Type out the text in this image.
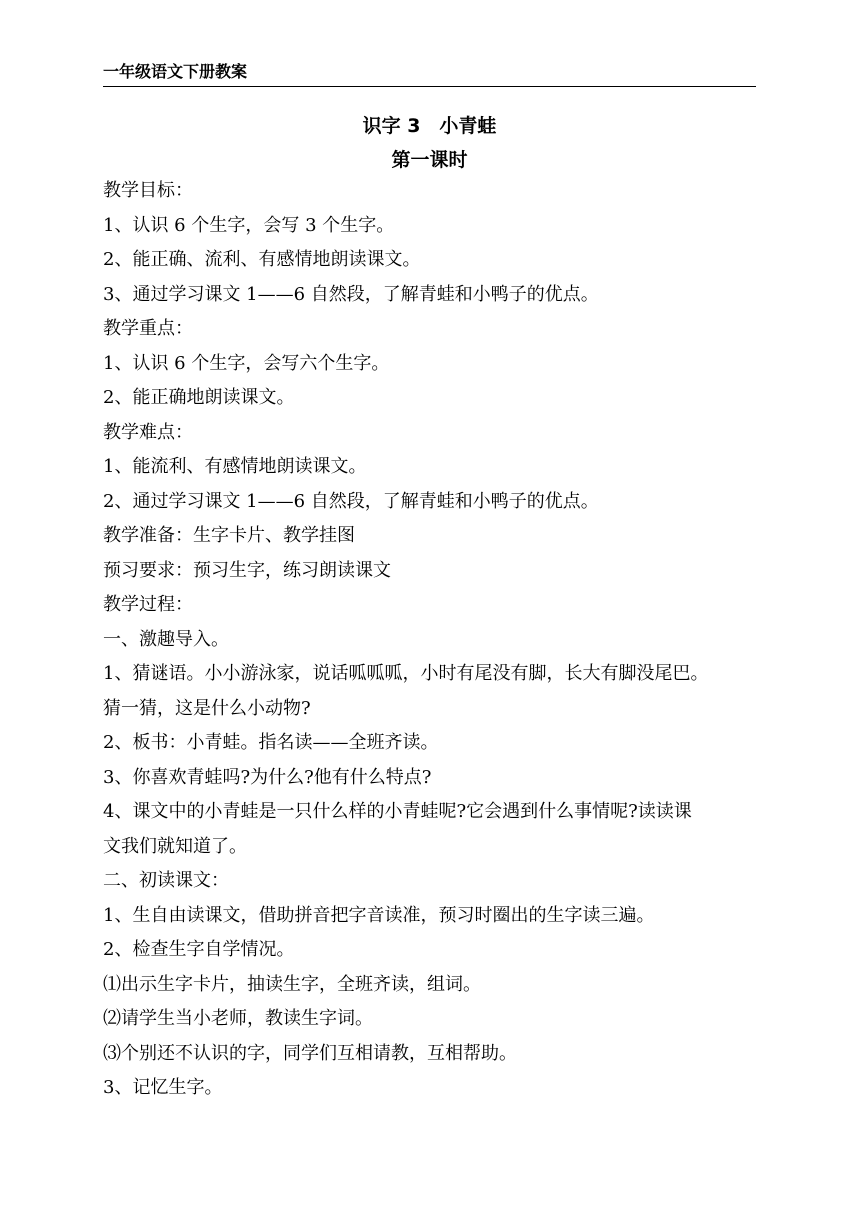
一年级语文下册教案
识字 3　小青蛙
第一课时
教学目标：
1、认识 6 个生字，会写 3 个生字。
2、能正确、流利、有感情地朗读课文。
3、通过学习课文 1——6 自然段，了解青蛙和小鸭子的优点。
教学重点：
1、认识 6 个生字，会写六个生字。
2、能正确地朗读课文。
教学难点：
1、能流利、有感情地朗读课文。
2、通过学习课文 1——6 自然段，了解青蛙和小鸭子的优点。
教学准备：生字卡片、教学挂图
预习要求：预习生字，练习朗读课文
教学过程：
一、激趣导入。
1、猜谜语。小小游泳家，说话呱呱呱，小时有尾没有脚，长大有脚没尾巴。
猜一猜，这是什么小动物?
2、板书：小青蛙。指名读——全班齐读。
3、你喜欢青蛙吗?为什么?他有什么特点?
4、课文中的小青蛙是一只什么样的小青蛙呢?它会遇到什么事情呢?读读课
文我们就知道了。
二、初读课文：
1、生自由读课文，借助拼音把字音读准，预习时圈出的生字读三遍。
2、检查生字自学情况。
⑴出示生字卡片，抽读生字，全班齐读，组词。
⑵请学生当小老师，教读生字词。
⑶个别还不认识的字，同学们互相请教，互相帮助。
3、记忆生字。
